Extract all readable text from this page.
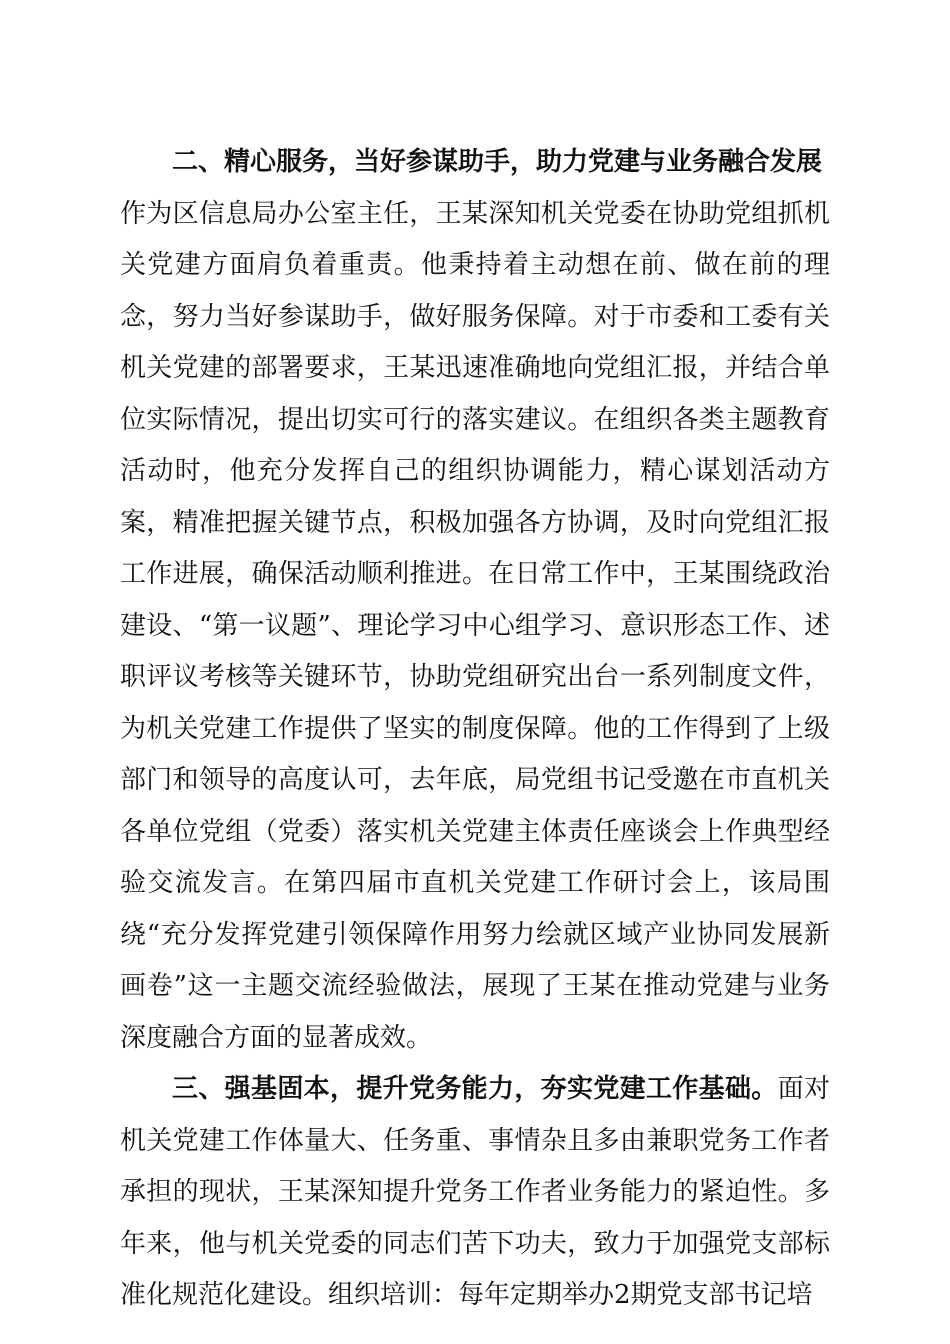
二、精心服务，当好参谋助手，助力党建与业务融合发展

作为区信息局办公室主任，王某深知机关党委在协助党组抓机关党建方面肩负着重责。他秉持着主动想在前、做在前的理念，努力当好参谋助手，做好服务保障。对于市委和工委有关机关党建的部署要求，王某迅速准确地向党组汇报，并结合单位实际情况，提出切实可行的落实建议。在组织各类主题教育活动时，他充分发挥自己的组织协调能力，精心谋划活动方案，精准把握关键节点，积极加强各方协调，及时向党组汇报工作进展，确保活动顺利推进。在日常工作中，王某围绕政治建设、“第一议题”、理论学习中心组学习、意识形态工作、述职评议考核等关键环节，协助党组研究出台一系列制度文件，为机关党建工作提供了坚实的制度保障。他的工作得到了上级部门和领导的高度认可，去年底，局党组书记受邀在市直机关各单位党组（党委）落实机关党建主体责任座谈会上作典型经验交流发言。在第四届市直机关党建工作研讨会上，该局围绕“充分发挥党建引领保障作用努力绘就区域产业协同发展新画卷”这一主题交流经验做法，展现了王某在推动党建与业务深度融合方面的显著成效。

三、强基固本，提升党务能力，夯实党建工作基础。面对机关党建工作体量大、任务重、事情杂且多由兼职党务工作者承担的现状，王某深知提升党务工作者业务能力的紧迫性。多年来，他与机关党委的同志们苦下功夫，致力于加强党支部标准化规范化建设。组织培训：每年定期举办2期党支部书记培
